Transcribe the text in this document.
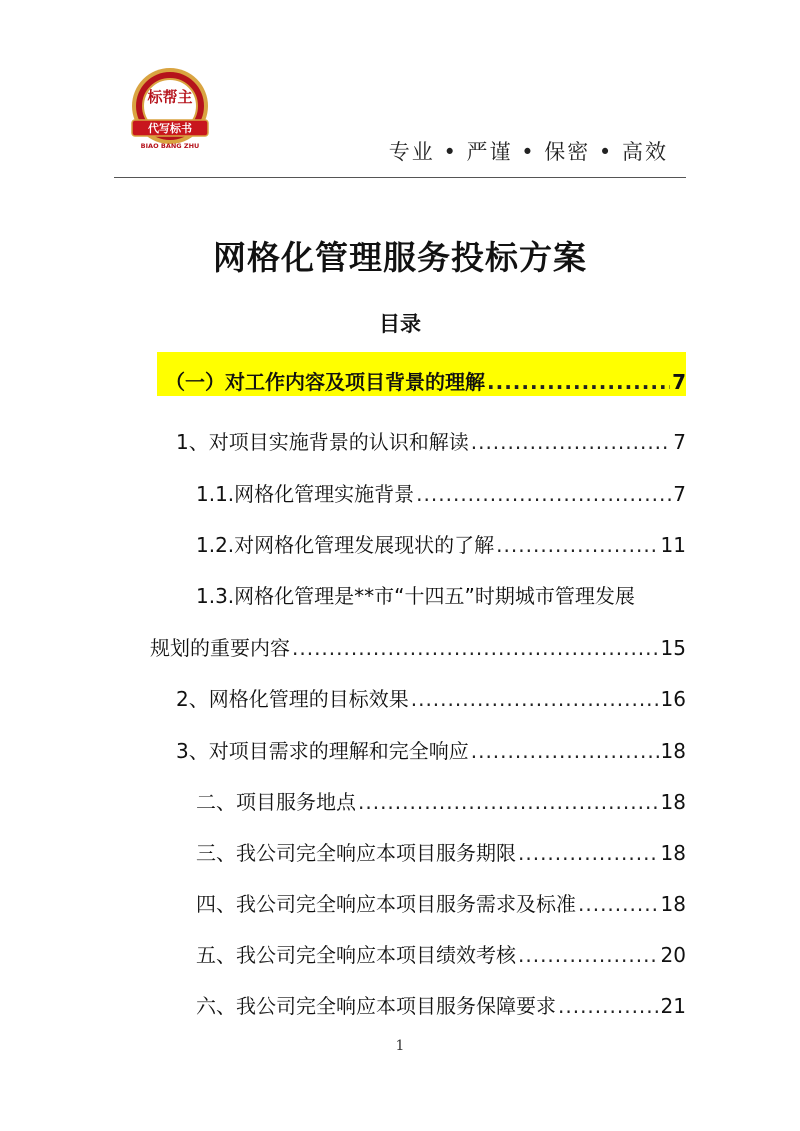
标帮主
代写标书
BIAO BANG ZHU	专业 • 严谨 • 保密 • 高效
网格化管理服务投标方案
目录
（一）对工作内容及项目背景的理解 .....	7
1、对项目实施背景的认识和解读 .....	7
1.1.网格化管理实施背景 .....	7
1.2.对网格化管理发展现状的了解 .....	11
1.3.网格化管理是**市“十四五”时期城市管理发展
规划的重要内容 .....	15
2、网格化管理的目标效果 .....	16
3、对项目需求的理解和完全响应 .....	18
二、项目服务地点 .....	18
三、我公司完全响应本项目服务期限 .....	18
四、我公司完全响应本项目服务需求及标准 .....	18
五、我公司完全响应本项目绩效考核 .....	20
六、我公司完全响应本项目服务保障要求 .....	21
1
